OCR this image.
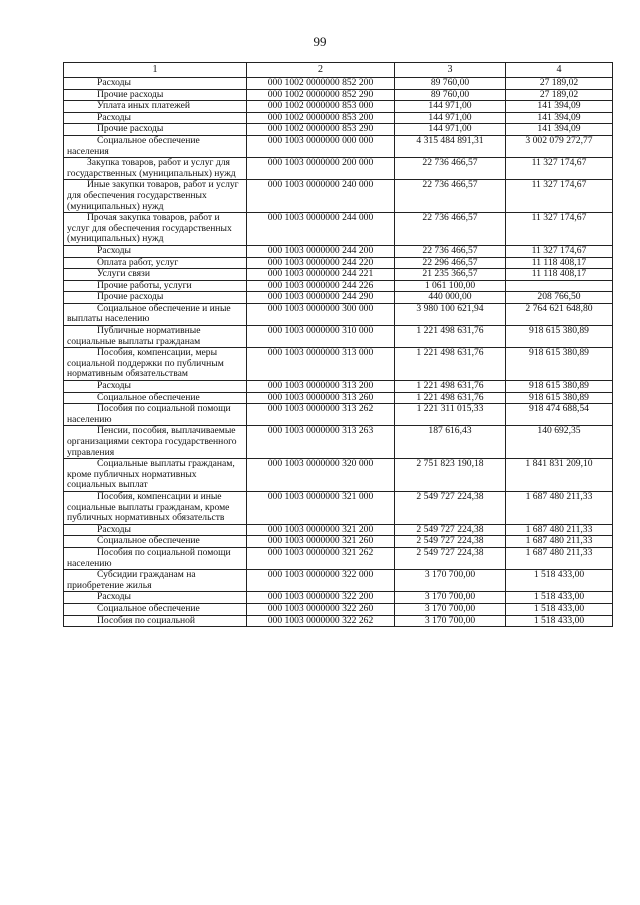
99
1	2	3	4

Расходы	000 1002 0000000 852 200	89 760,00	27 189,02

Прочие расходы	000 1002 0000000 852 290	89 760,00	27 189,02

Уплата иных платежей	000 1002 0000000 853 000	144 971,00	141 394,09

Расходы	000 1002 0000000 853 200	144 971,00	141 394,09

Прочие расходы	000 1002 0000000 853 290	144 971,00	141 394,09

Социальное обеспечение населения	000 1003 0000000 000 000	4 315 484 891,31	3 002 079 272,77

Закупка товаров, работ и услуг для государственных (муниципальных) нужд	000 1003 0000000 200 000	22 736 466,57	11 327 174,67

Иные закупки товаров, работ и услуг для обеспечения государственных (муниципальных) нужд	000 1003 0000000 240 000	22 736 466,57	11 327 174,67

Прочая закупка товаров, работ и услуг для обеспечения государственных (муниципальных) нужд	000 1003 0000000 244 000	22 736 466,57	11 327 174,67

Расходы	000 1003 0000000 244 200	22 736 466,57	11 327 174,67

Оплата работ, услуг	000 1003 0000000 244 220	22 296 466,57	11 118 408,17

Услуги связи	000 1003 0000000 244 221	21 235 366,57	11 118 408,17

Прочие работы, услуги	000 1003 0000000 244 226	1 061 100,00	

Прочие расходы	000 1003 0000000 244 290	440 000,00	208 766,50

Социальное обеспечение и иные выплаты населению	000 1003 0000000 300 000	3 980 100 621,94	2 764 621 648,80

Публичные нормативные социальные выплаты гражданам	000 1003 0000000 310 000	1 221 498 631,76	918 615 380,89

Пособия, компенсации, меры социальной поддержки по публичным нормативным обязательствам	000 1003 0000000 313 000	1 221 498 631,76	918 615 380,89

Расходы	000 1003 0000000 313 200	1 221 498 631,76	918 615 380,89

Социальное обеспечение	000 1003 0000000 313 260	1 221 498 631,76	918 615 380,89

Пособия по социальной помощи населению	000 1003 0000000 313 262	1 221 311 015,33	918 474 688,54

Пенсии, пособия, выплачиваемые организациями сектора государственного управления	000 1003 0000000 313 263	187 616,43	140 692,35

Социальные выплаты гражданам, кроме публичных нормативных социальных выплат	000 1003 0000000 320 000	2 751 823 190,18	1 841 831 209,10

Пособия, компенсации и иные социальные выплаты гражданам, кроме публичных нормативных обязательств	000 1003 0000000 321 000	2 549 727 224,38	1 687 480 211,33

Расходы	000 1003 0000000 321 200	2 549 727 224,38	1 687 480 211,33

Социальное обеспечение	000 1003 0000000 321 260	2 549 727 224,38	1 687 480 211,33

Пособия по социальной помощи населению	000 1003 0000000 321 262	2 549 727 224,38	1 687 480 211,33

Субсидии гражданам на приобретение жилья	000 1003 0000000 322 000	3 170 700,00	1 518 433,00

Расходы	000 1003 0000000 322 200	3 170 700,00	1 518 433,00

Социальное обеспечение	000 1003 0000000 322 260	3 170 700,00	1 518 433,00

Пособия по социальной	000 1003 0000000 322 262	3 170 700,00	1 518 433,00
